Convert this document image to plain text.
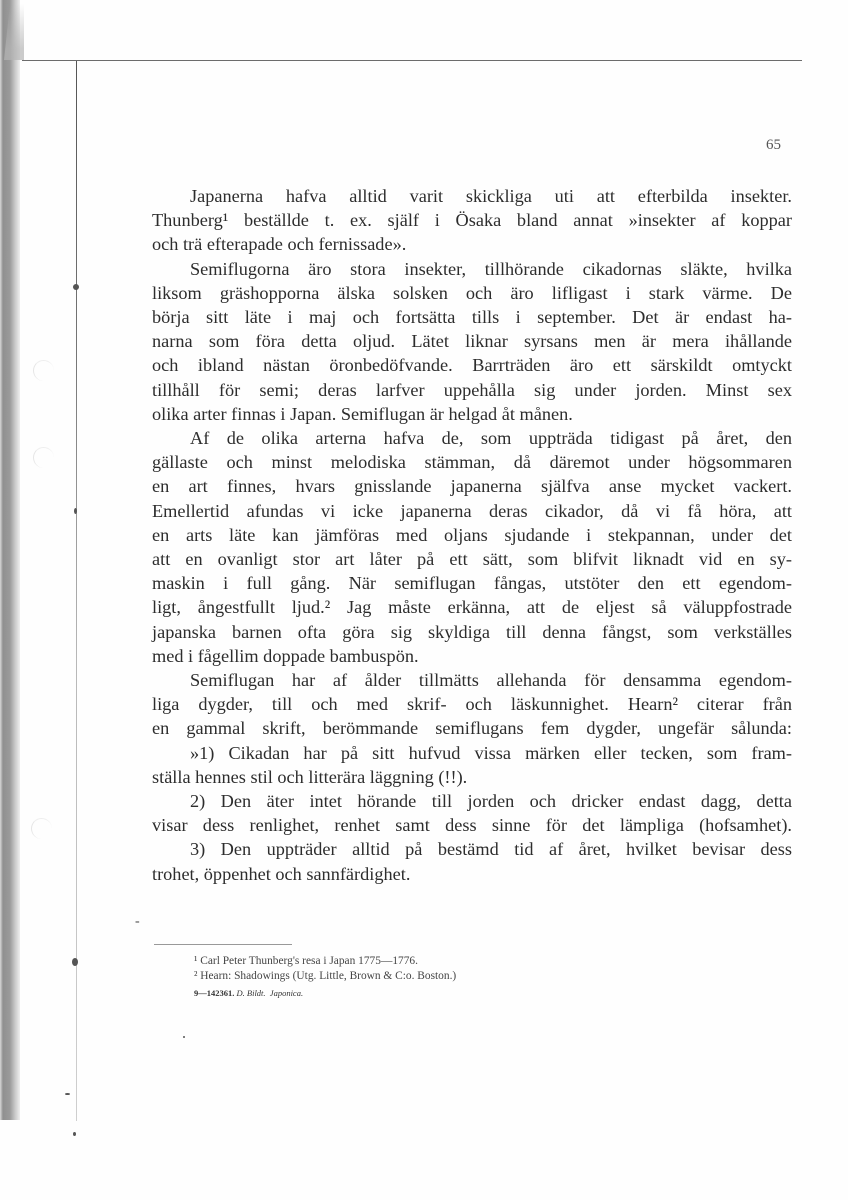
65
Japanerna hafva alltid varit skickliga uti att efterbilda insekter.
Thunberg¹ beställde t. ex. själf i Ösaka bland annat »insekter af koppar
och trä efterapade och fernissade».
Semiflugorna äro stora insekter, tillhörande cikadornas släkte, hvilka
liksom gräshopporna älska solsken och äro lifligast i stark värme. De
börja sitt läte i maj och fortsätta tills i september. Det är endast ha-
narna som föra detta oljud. Lätet liknar syrsans men är mera ihållande
och ibland nästan öronbedöfvande. Barrträden äro ett särskildt omtyckt
tillhåll för semi; deras larfver uppehålla sig under jorden. Minst sex
olika arter finnas i Japan. Semiflugan är helgad åt månen.
Af de olika arterna hafva de, som uppträda tidigast på året, den
gällaste och minst melodiska stämman, då däremot under högsommaren
en art finnes, hvars gnisslande japanerna själfva anse mycket vackert.
Emellertid afundas vi icke japanerna deras cikador, då vi få höra, att
en arts läte kan jämföras med oljans sjudande i stekpannan, under det
att en ovanligt stor art låter på ett sätt, som blifvit liknadt vid en sy-
maskin i full gång. När semiflugan fångas, utstöter den ett egendom-
ligt, ångestfullt ljud.² Jag måste erkänna, att de eljest så väluppfostrade
japanska barnen ofta göra sig skyldiga till denna fångst, som verkställes
med i fågellim doppade bambuspön.
Semiflugan har af ålder tillmätts allehanda för densamma egendom-
liga dygder, till och med skrif- och läskunnighet. Hearn² citerar från
en gammal skrift, berömmande semiflugans fem dygder, ungefär sålunda:
»1) Cikadan har på sitt hufvud vissa märken eller tecken, som fram-
ställa hennes stil och litterära läggning (!!).
2) Den äter intet hörande till jorden och dricker endast dagg, detta
visar dess renlighet, renhet samt dess sinne för det lämpliga (hofsamhet).
3) Den uppträder alltid på bestämd tid af året, hvilket bevisar dess
trohet, öppenhet och sannfärdighet.
-
¹ Carl Peter Thunberg's resa i Japan 1775—1776.
² Hearn: Shadowings (Utg. Little, Brown & C:o. Boston.)
9—142361. D. Bildt.  Japonica.
